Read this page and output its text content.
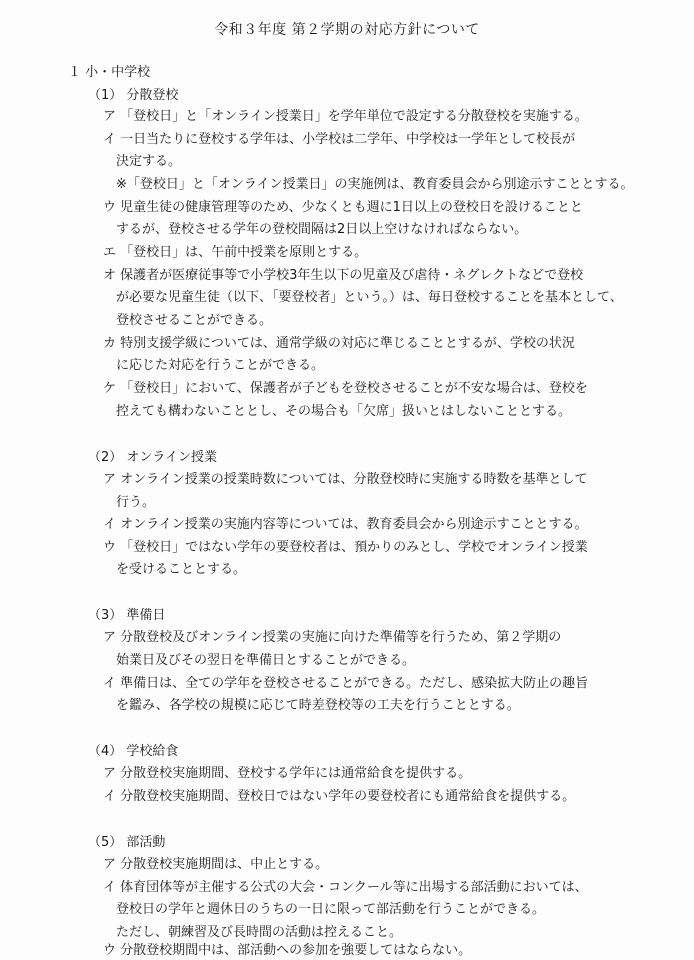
令和３年度 第２学期の対応方針について
１ 小・中学校
（1） 分散登校
ア 「登校日」と「オンライン授業日」を学年単位で設定する分散登校を実施する。
イ 一日当たりに登校する学年は、小学校は二学年、中学校は一学年として校長が
決定する。
※「登校日」と「オンライン授業日」の実施例は、教育委員会から別途示すこととする。
ウ 児童生徒の健康管理等のため、少なくとも週に1日以上の登校日を設けることと
するが、登校させる学年の登校間隔は2日以上空けなければならない。
エ 「登校日」は、午前中授業を原則とする。
オ 保護者が医療従事等で小学校3年生以下の児童及び虐待・ネグレクトなどで登校
が必要な児童生徒（以下、「要登校者」という。）は、毎日登校することを基本として、
登校させることができる。
カ 特別支援学級については、通常学級の対応に準じることとするが、学校の状況
に応じた対応を行うことができる。
ケ 「登校日」において、保護者が子どもを登校させることが不安な場合は、登校を
控えても構わないこととし、その場合も「欠席」扱いとはしないこととする。
（2） オンライン授業
ア オンライン授業の授業時数については、分散登校時に実施する時数を基準として
行う。
イ オンライン授業の実施内容等については、教育委員会から別途示すこととする。
ウ 「登校日」ではない学年の要登校者は、預かりのみとし、学校でオンライン授業
を受けることとする。
（3） 準備日
ア 分散登校及びオンライン授業の実施に向けた準備等を行うため、第２学期の
始業日及びその翌日を準備日とすることができる。
イ 準備日は、全ての学年を登校させることができる。ただし、感染拡大防止の趣旨
を鑑み、各学校の規模に応じて時差登校等の工夫を行うこととする。
（4） 学校給食
ア 分散登校実施期間、登校する学年には通常給食を提供する。
イ 分散登校実施期間、登校日ではない学年の要登校者にも通常給食を提供する。
（5） 部活動
ア 分散登校実施期間は、中止とする。
イ 体育団体等が主催する公式の大会・コンクール等に出場する部活動においては、
登校日の学年と週休日のうちの一日に限って部活動を行うことができる。
ただし、朝練習及び長時間の活動は控えること。
ウ 分散登校期間中は、部活動への参加を強要してはならない。
